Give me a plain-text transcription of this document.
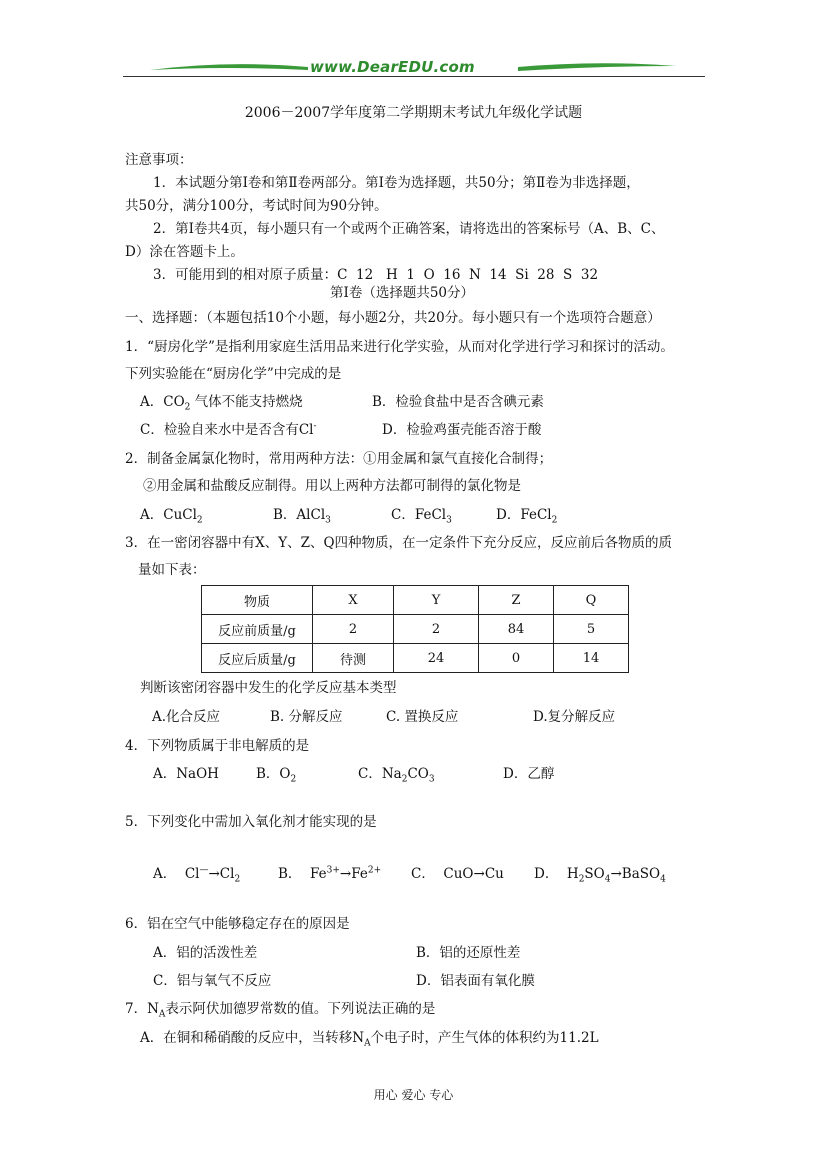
www.DearEDU.com
2006－2007学年度第二学期期末考试九年级化学试题
注意事项：
1．本试题分第Ⅰ卷和第Ⅱ卷两部分。第Ⅰ卷为选择题，共50分；第Ⅱ卷为非选择题，
共50分，满分100分，考试时间为90分钟。
2．第Ⅰ卷共4页，每小题只有一个或两个正确答案，请将选出的答案标号（A、B、C、
D）涂在答题卡上。
3．可能用到的相对原子质量：C  12   H  1  O  16  N  14  Si  28  S  32
第Ⅰ卷（选择题共50分）
一、选择题：（本题包括10个小题，每小题2分，共20分。每小题只有一个选项符合题意）
1．“厨房化学”是指利用家庭生活用品来进行化学实验，从而对化学进行学习和探讨的活动。
下列实验能在“厨房化学”中完成的是
A．$CO_2$ 气体不能支持燃烧	B．检验食盐中是否含碘元素
C．检验自来水中是否含有Cl-	D．检验鸡蛋壳能否溶于酸
2．制备金属氯化物时，常用两种方法：①用金属和氯气直接化合制得；
②用金属和盐酸反应制得。用以上两种方法都可制得的氯化物是
A．CuCl$_2$	B．AlCl$_3$	C．FeCl$_3$	D．FeCl$_2$
3．在一密闭容器中有X、Y、Z、Q四种物质，在一定条件下充分反应，反应前后各物质的质
量如下表：
物质	X	Y	Z	Q
反应前质量/g	2	2	84	5
反应后质量/g	待测	24	0	14
判断该密闭容器中发生的化学反应基本类型
A.化合反应	B. 分解反应	C. 置换反应	D.复分解反应
4．下列物质属于非电解质的是
A．NaOH	B．$O_2$	C．$Na_2CO_3$	D．乙醇
5．下列变化中需加入氧化剂才能实现的是
A．  $Cl^—\to Cl_2$	B．  $Fe^{3+}\to Fe^{2+}$ C．  CuO→Cu D．  $H_2SO_4\to BaSO_4$
6．铝在空气中能够稳定存在的原因是
A．铝的活泼性差	B．铝的还原性差
C．铝与氧气不反应	D．铝表面有氧化膜
7．$N_A$表示阿伏加德罗常数的值。下列说法正确的是
A．在铜和稀硝酸的反应中，当转移$N_A$个电子时，产生气体的体积约为11.2L
用心 爱心 专心
